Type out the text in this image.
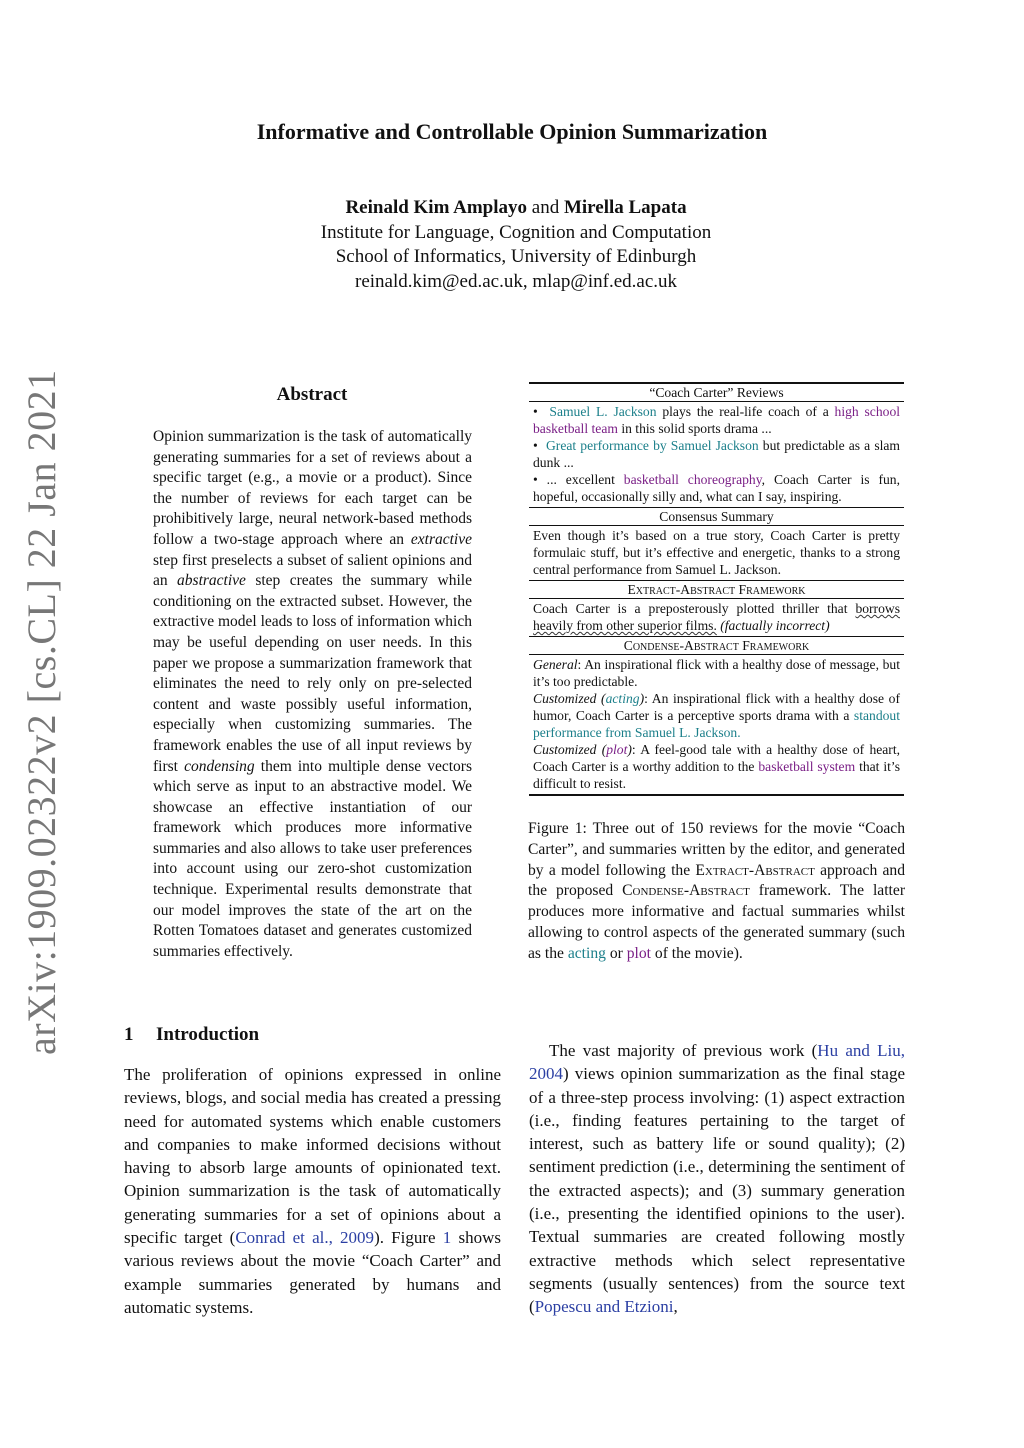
arXiv:1909.02322v2 [cs.CL] 22 Jan 2021
Informative and Controllable Opinion Summarization
Reinald Kim Amplayo and Mirella Lapata
Institute for Language, Cognition and Computation
School of Informatics, University of Edinburgh
reinald.kim@ed.ac.uk, mlap@inf.ed.ac.uk
Abstract
Opinion summarization is the task of automatically generating summaries for a set of reviews about a specific target (e.g., a movie or a product). Since the number of reviews for each target can be prohibitively large, neural network-based methods follow a two-stage approach where an extractive step first preselects a subset of salient opinions and an abstractive step creates the summary while conditioning on the extracted subset. However, the extractive model leads to loss of information which may be useful depending on user needs. In this paper we propose a summarization framework that eliminates the need to rely only on pre-selected content and waste possibly useful information, especially when customizing summaries. The framework enables the use of all input reviews by first condensing them into multiple dense vectors which serve as input to an abstractive model. We showcase an effective instantiation of our framework which produces more informative summaries and also allows to take user preferences into account using our zero-shot customization technique. Experimental results demonstrate that our model improves the state of the art on the Rotten Tomatoes dataset and generates customized summaries effectively.
“Coach Carter” Reviews

• Samuel L. Jackson plays the real-life coach of a high school basketball team in this solid sports drama ...

• Great performance by Samuel Jackson but predictable as a slam dunk ...

• ... excellent basketball choreography, Coach Carter is fun, hopeful, occasionally silly and, what can I say, inspiring.

Consensus Summary
Even though it’s based on a true story, Coach Carter is pretty formulaic stuff, but it’s effective and energetic, thanks to a strong central performance from Samuel L. Jackson.
Extract-Abstract Framework
Coach Carter is a preposterously plotted thriller that borrows heavily from other superior films. (factually incorrect)
Condense-Abstract Framework

General: An inspirational flick with a healthy dose of message, but it’s too predictable.

Customized (acting): An inspirational flick with a healthy dose of humor, Coach Carter is a perceptive sports drama with a standout performance from Samuel L. Jackson.

Customized (plot): A feel-good tale with a healthy dose of heart, Coach Carter is a worthy addition to the basketball system that it’s difficult to resist.

Figure 1: Three out of 150 reviews for the movie “Coach Carter”, and summaries written by the editor, and generated by a model following the Extract-Abstract approach and the proposed Condense-Abstract framework. The latter produces more informative and factual summaries whilst allowing to control aspects of the generated summary (such as the acting or plot of the movie).
1 Introduction
The proliferation of opinions expressed in online reviews, blogs, and social media has created a pressing need for automated systems which enable customers and companies to make informed decisions without having to absorb large amounts of opinionated text. Opinion summarization is the task of automatically generating summaries for a set of opinions about a specific target (Conrad et al., 2009). Figure 1 shows various reviews about the movie “Coach Carter” and example summaries generated by humans and automatic systems.
The vast majority of previous work (Hu and Liu, 2004) views opinion summarization as the final stage of a three-step process involving: (1) aspect extraction (i.e., finding features pertaining to the target of interest, such as battery life or sound quality); (2) sentiment prediction (i.e., determining the sentiment of the extracted aspects); and (3) summary generation (i.e., presenting the identified opinions to the user). Textual summaries are created following mostly extractive methods which select representative segments (usually sentences) from the source text (Popescu and Etzioni,
